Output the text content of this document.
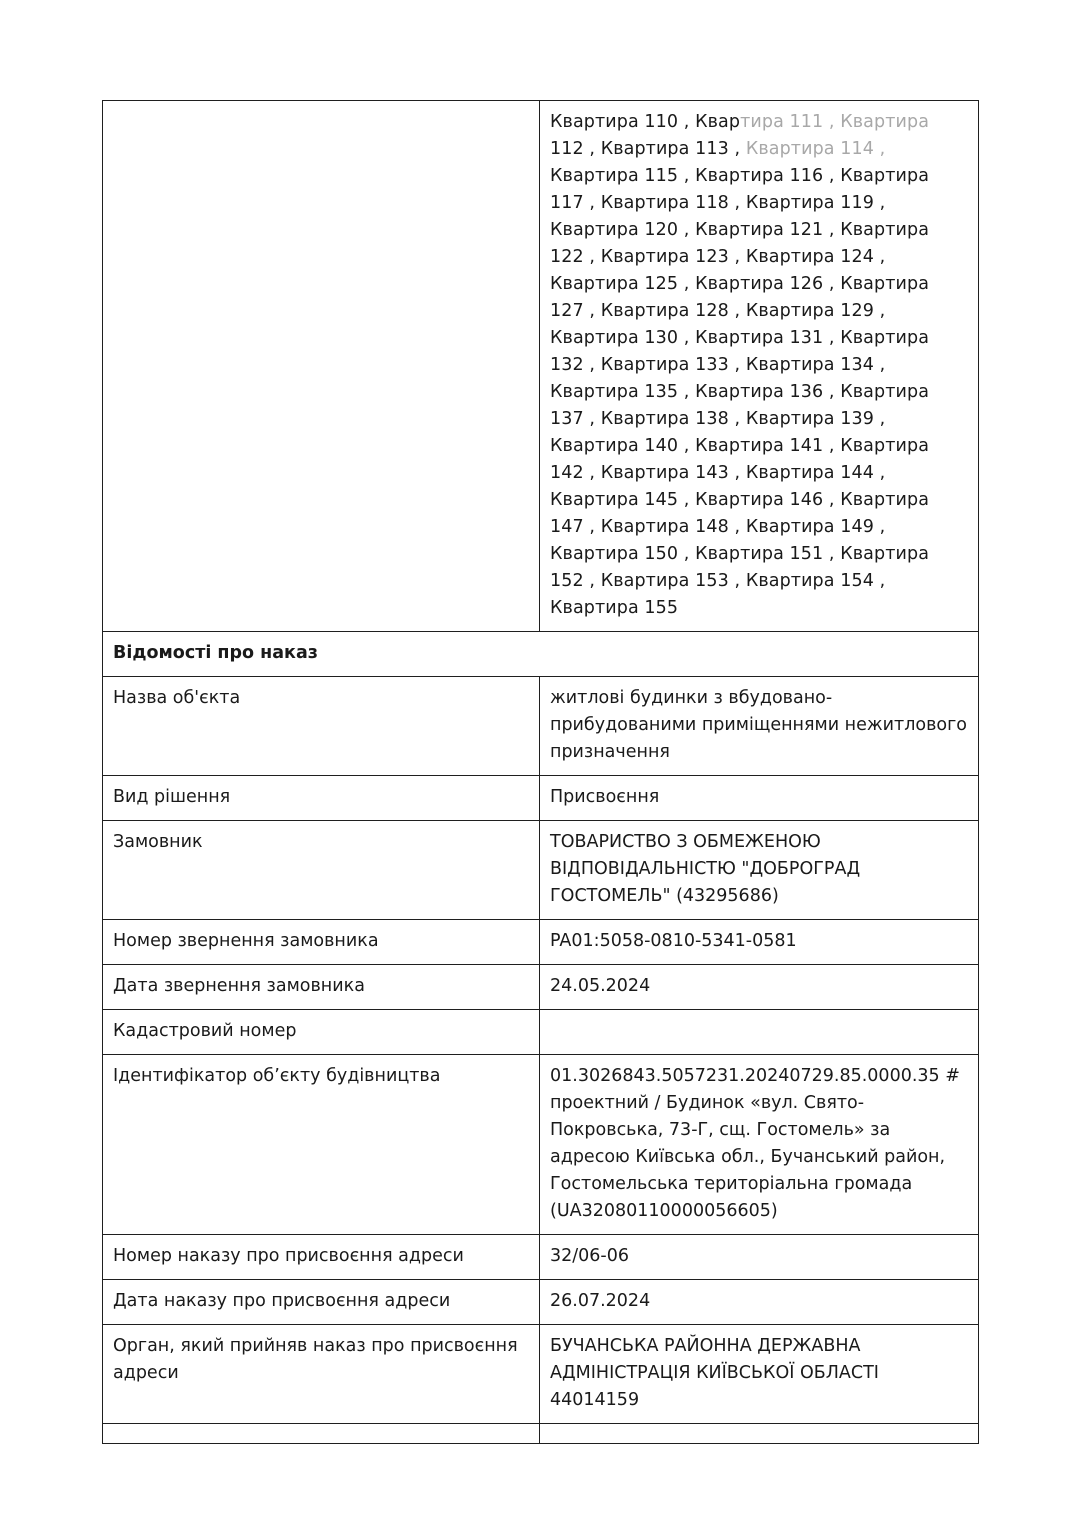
Квартира 110 , Квартира 111 , Квартира
112 , Квартира 113 , Квартира 114 ,
Квартира 115 , Квартира 116 , Квартира
117 , Квартира 118 , Квартира 119 ,
Квартира 120 , Квартира 121 , Квартира
122 , Квартира 123 , Квартира 124 ,
Квартира 125 , Квартира 126 , Квартира
127 , Квартира 128 , Квартира 129 ,
Квартира 130 , Квартира 131 , Квартира
132 , Квартира 133 , Квартира 134 ,
Квартира 135 , Квартира 136 , Квартира
137 , Квартира 138 , Квартира 139 ,
Квартира 140 , Квартира 141 , Квартира
142 , Квартира 143 , Квартира 144 ,
Квартира 145 , Квартира 146 , Квартира
147 , Квартира 148 , Квартира 149 ,
Квартира 150 , Квартира 151 , Квартира
152 , Квартира 153 , Квартира 154 ,
Квартира 155

Відомості про наказ	
Назва об'єкта	житлові будинки з вбудовано-прибудованими приміщеннями нежитлового призначення
Вид рішення	Присвоєння
Замовник	ТОВАРИСТВО З ОБМЕЖЕНОЮ ВІДПОВІДАЛЬНІСТЮ "ДОБРОГРАД ГОСТОМЕЛЬ" (43295686)
Номер звернення замовника	PA01:5058-0810-5341-0581
Дата звернення замовника	24.05.2024
Кадастровий номер	
Ідентифікатор об’єкту будівництва	01.3026843.5057231.20240729.85.0000.35 # проектний / Будинок «вул. Свято-Покровська, 73-Г, сщ. Гостомель» за адресою Київська обл., Бучанський район, Гостомельська територіальна громада (UA32080110000056605)
Номер наказу про присвоєння адреси	32/06-06
Дата наказу про присвоєння адреси	26.07.2024
Орган, який прийняв наказ про присвоєння адреси	БУЧАНСЬКА РАЙОННА ДЕРЖАВНА АДМІНІСТРАЦІЯ КИЇВСЬКОЇ ОБЛАСТІ 44014159
